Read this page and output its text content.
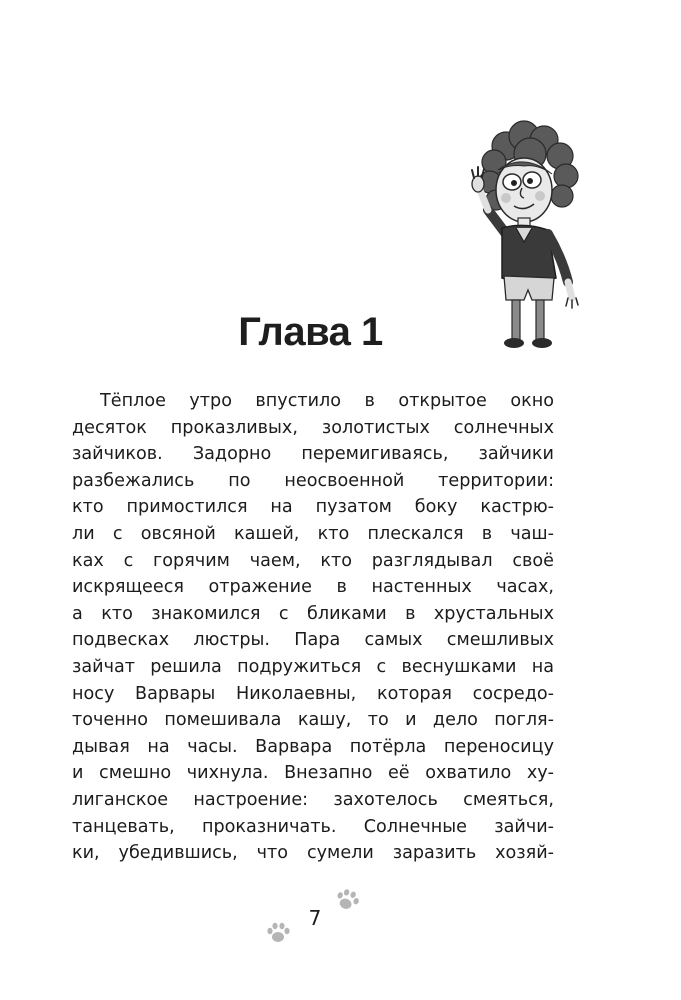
Глава 1
Тёплое утро впустило в открытое окно
десяток проказливых, золотистых солнечных
зайчиков. Задорно перемигиваясь, зайчики
разбежались по неосвоенной территории:
кто примостился на пузатом боку кастрю-
ли с овсяной кашей, кто плескался в чаш-
ках с горячим чаем, кто разглядывал своё
искрящееся отражение в настенных часах,
а кто знакомился с бликами в хрустальных
подвесках люстры. Пара самых смешливых
зайчат решила подружиться с веснушками на
носу Варвары Николаевны, которая сосредо-
точенно помешивала кашу, то и дело погля-
дывая на часы. Варвара потёрла переносицу
и смешно чихнула. Внезапно её охватило ху-
лиганское настроение: захотелось смеяться,
танцевать, проказничать. Солнечные зайчи-
ки, убедившись, что сумели заразить хозяй-
7
